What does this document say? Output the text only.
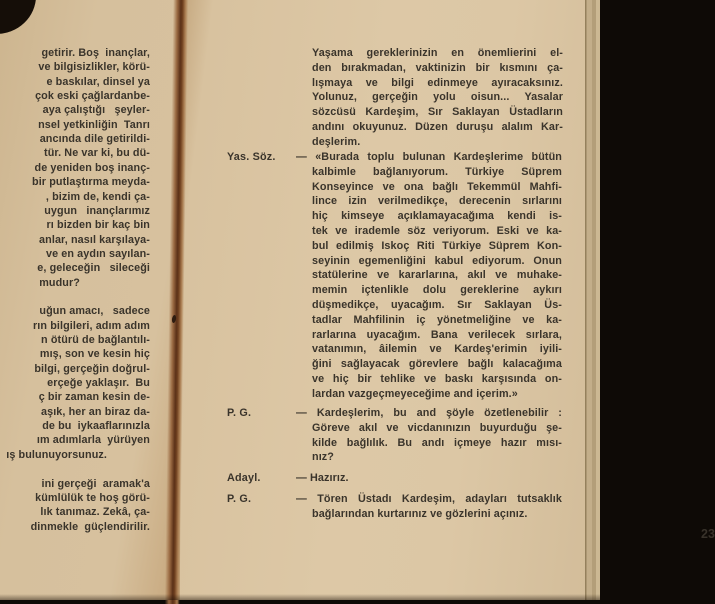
getirir. Boş  inançlar,
ve bilgisizlikler, körü-
e baskılar, dinsel ya
çok eski çağlardanbe-
aya çalıştığı   şeyler-
nsel yetkinliğin  Tanrı
ancında dile getirildi-
tür. Ne var ki, bu dü-
de yeniden boş inanç-
bir putlaştırma meyda-
, bizim de, kendi ça-
uygun   inançlarımız
rı bizden bir kaç bin
anlar, nasıl karşılaya-
ve en aydın sayılan-
e, geleceğin   sileceği
mudur?
uğun amacı,   sadece
rın bilgileri, adım adım
n ötürü de bağlantılı-
mış, son ve kesin hiç
bilgi, gerçeğin doğrul-
erçeğe yaklaşır.  Bu
ç bir zaman kesin de-
aşık, her an biraz da-
de bu  iykaaflarınızla
ım adımlarla  yürüyen
ış bulunuyorsunuz.
ini gerçeği  aramak'a
kümlülük te hoş görü-
lık tanımaz. Zekâ, ça-
dinmekle  güçlendirilir.
Yaşama gereklerinizin en önemlierini el-
den bırakmadan, vaktinizin bir kısmını ça-
lışmaya ve bilgi edinmeye ayıracaksınız.
Yolunuz, gerçeğin yolu oisun... Yasalar
sözcüsü Kardeşim, Sır Saklayan Üstadların
andını okuyunuz. Düzen duruşu alalım Kar-
deşlerim.
Yas. Söz.	— «Burada toplu bulunan Kardeşlerime bütün
kalbimle bağlanıyorum. Türkiye Süprem
Konseyince ve ona bağlı Tekemmül Mahfi-
lince izin verilmedikçe, derecenin sırlarını
hiç kimseye açıklamayacağıma kendi is-
tek ve irademle söz veriyorum. Eski ve ka-
bul edilmiş Iskoç Riti Türkiye Süprem Kon-
seyinin egemenliğini kabul ediyorum. Onun
statülerine ve kararlarına, akıl ve muhake-
memin içtenlikle dolu gereklerine aykırı
düşmedikçe, uyacağım. Sır Saklayan Üs-
tadlar Mahfilinin iç yönetmeliğine ve ka-
rarlarına uyacağım. Bana verilecek sırlara,
vatanımın, âilemin ve Kardeş'erimin iyili-
ğini sağlayacak görevlere bağlı kalacağıma
ve hiç bir tehlike ve baskı karşısında on-
lardan vazgeçmeyeceğime and içerim.»
P. G.	— Kardeşlerim, bu and şöyle özetlenebilir :
Göreve akıl ve vicdanınızın buyurduğu şe-
kilde bağlılık. Bu andı içmeye hazır mısı-
nız?
Adayl.	— Hazırız.
P. G.	— Tören Üstadı Kardeşim, adayları tutsaklık
bağlarından kurtarınız ve gözlerini açınız.
23
